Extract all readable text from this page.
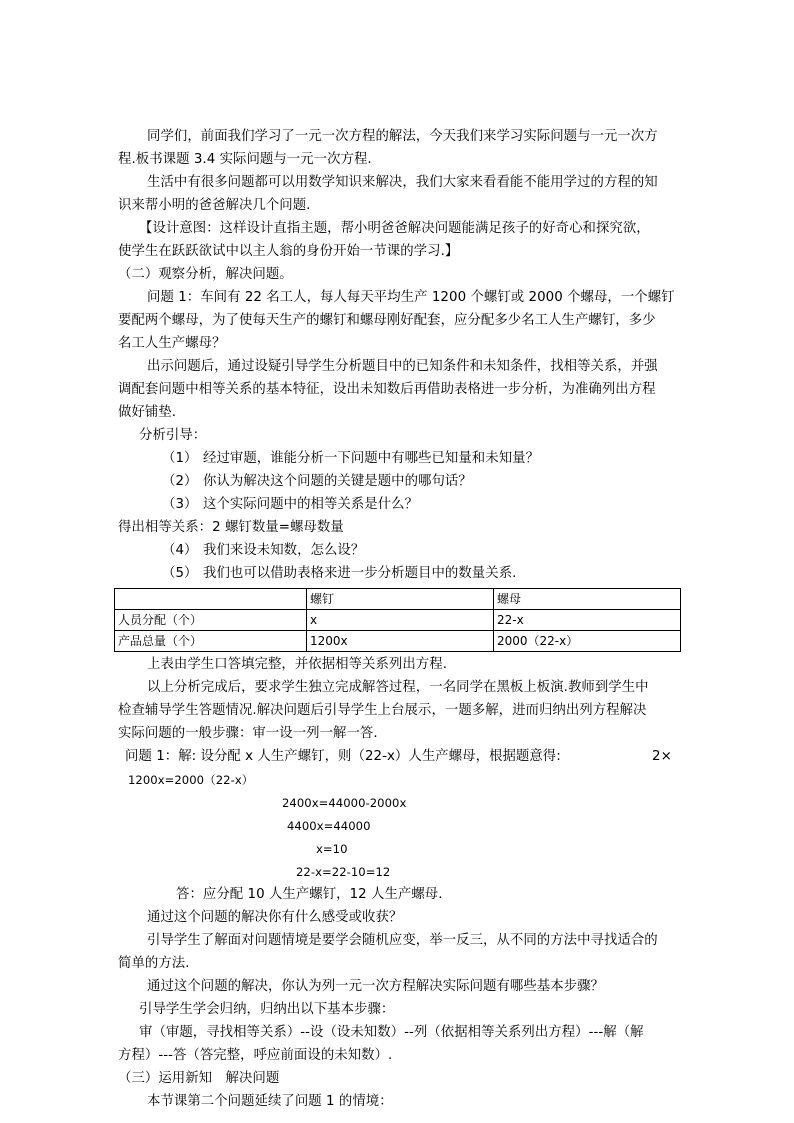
同学们，前面我们学习了一元一次方程的解法，今天我们来学习实际问题与一元一次方
程.板书课题 3.4 实际问题与一元一次方程.
生活中有很多问题都可以用数学知识来解决，我们大家来看看能不能用学过的方程的知
识来帮小明的爸爸解决几个问题.
【设计意图：这样设计直指主题，帮小明爸爸解决问题能满足孩子的好奇心和探究欲，
使学生在跃跃欲试中以主人翁的身份开始一节课的学习.】
（二）观察分析，解决问题。
问题 1：车间有 22 名工人，每人每天平均生产 1200 个螺钉或 2000 个螺母，一个螺钉
要配两个螺母，为了使每天生产的螺钉和螺母刚好配套，应分配多少名工人生产螺钉，多少
名工人生产螺母？
出示问题后，通过设疑引导学生分析题目中的已知条件和未知条件，找相等关系，并强
调配套问题中相等关系的基本特征，设出未知数后再借助表格进一步分析，为准确列出方程
做好铺垫.
分析引导：
（1） 经过审题，谁能分析一下问题中有哪些已知量和未知量？
（2） 你认为解决这个问题的关键是题中的哪句话？
（3） 这个实际问题中的相等关系是什么？
得出相等关系：2 螺钉数量=螺母数量
（4） 我们来设未知数，怎么设？
（5） 我们也可以借助表格来进一步分析题目中的数量关系.
	螺钉	螺母
人员分配（个）	x	22-x
产品总量（个）	1200x	2000（22-x）
上表由学生口答填完整，并依据相等关系列出方程.
以上分析完成后，要求学生独立完成解答过程，一名同学在黑板上板演.教师到学生中
检查辅导学生答题情况.解决问题后引导学生上台展示，一题多解，进而归纳出列方程解决
实际问题的一般步骤：审一设一列一解一答.
问题 1：解: 设分配 x 人生产螺钉，则（22-x）人生产螺母，根据题意得:	2×
1200x=2000（22-x）
2400x=44000-2000x
4400x=44000
x=10
22-x=22-10=12
答：应分配 10 人生产螺钉，12 人生产螺母.
通过这个问题的解决你有什么感受或收获？
引导学生了解面对问题情境是要学会随机应变，举一反三，从不同的方法中寻找适合的
简单的方法.
通过这个问题的解决，你认为列一元一次方程解决实际问题有哪些基本步骤？
引导学生学会归纳，归纳出以下基本步骤：
审（审题，寻找相等关系）--设（设未知数）--列（依据相等关系列出方程）---解（解
方程）---答（答完整，呼应前面设的未知数）.
（三）运用新知　解决问题
本节课第二个问题延续了问题 1 的情境：
